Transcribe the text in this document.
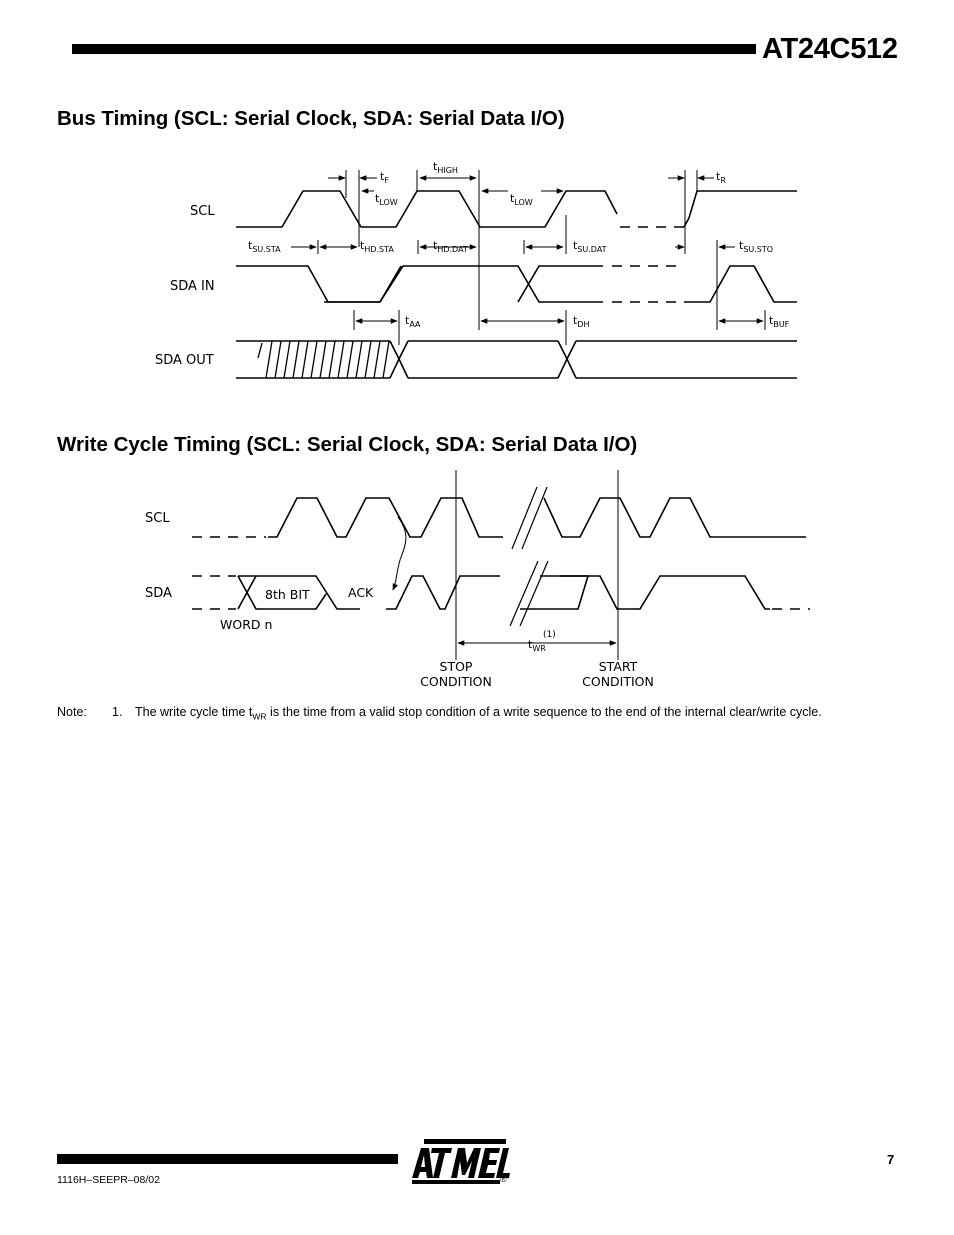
AT24C512
Bus Timing (SCL: Serial Clock, SDA: Serial Data I/O)
SCL
SDA IN
SDA OUT
$t_F$
$t_{HIGH}$	$t_R$
$t_{LOW}$	$t_{LOW}$
$t_{SU.STA}$	$t_{HD.STA}$	$t_{HD.DAT}$	$t_{SU.DAT}$	$t_{SU.STO}$
$t_{AA}$	$t_{DH}$	$t_{BUF}$
Write Cycle Timing (SCL: Serial Clock, SDA: Serial Data I/O)
SCL
SDA	8th BIT	ACK
WORD n
$t_{WR}$
(1)
STOP
CONDITION
START
CONDITION
Note: 1. The write cycle time $t_{WR}$ is the time from a valid stop condition of a write sequence to the end of the internal clear/write cycle.
1116H–SEEPR–08/02	®
7
